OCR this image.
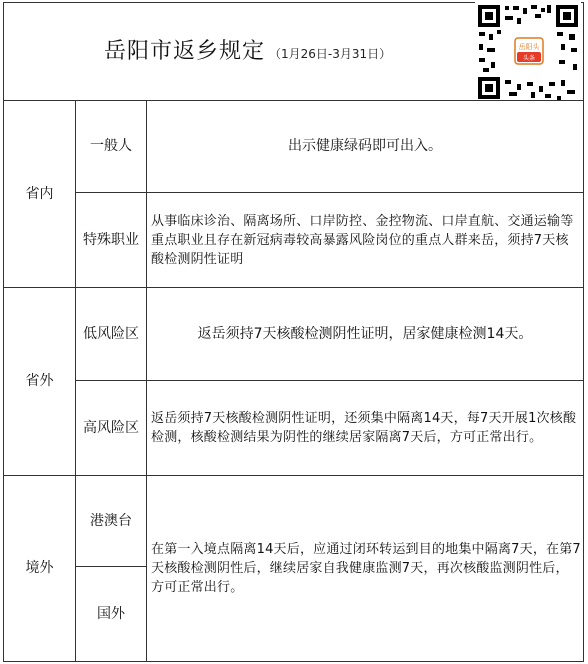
岳阳市返乡规定 （1月26日-3月31日）	岳阳头
头条
省内
省外
境外
一般人
特殊职业
低风险区
高风险区
港澳台
国外
出示健康绿码即可出入。
从事临床诊治、隔离场所、口岸防控、金控物流、口岸直航、交通运输等重点职业且存在新冠病毒较高暴露风险岗位的重点人群来岳，须持7天核酸检测阴性证明
返岳须持7天核酸检测阴性证明，居家健康检测14天。
返岳须持7天核酸检测阴性证明，还须集中隔离14天，每7天开展1次核酸检测，核酸检测结果为阴性的继续居家隔离7天后，方可正常出行。
在第一入境点隔离14天后，应通过闭环转运到目的地集中隔离7天，在第7天核酸检测阴性后，继续居家自我健康监测7天，再次核酸监测阴性后，方可正常出行。
